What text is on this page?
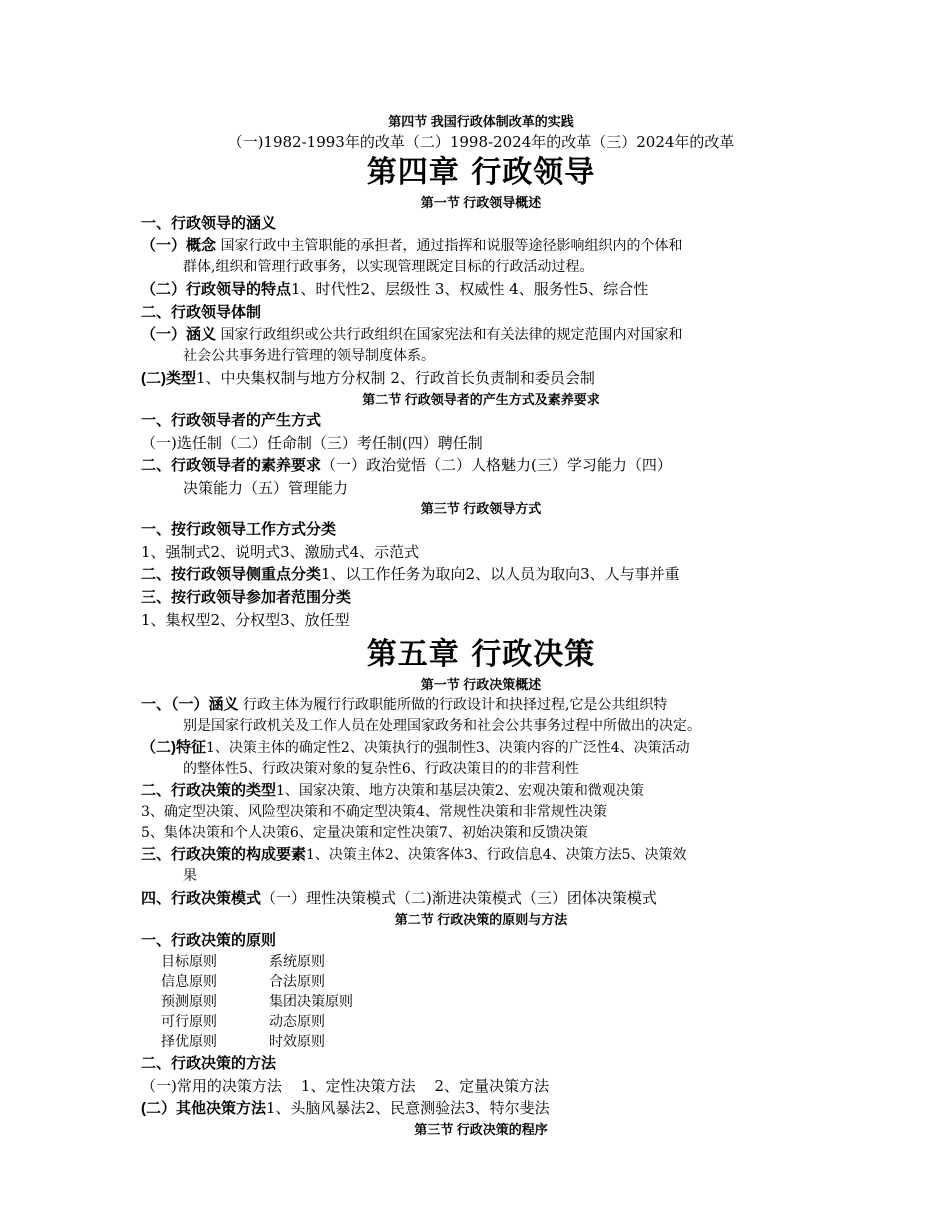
第四节 我国行政体制改革的实践
（一)1982-1993年的改革（二）1998-2024年的改革（三）2024年的改革
第四章 行政领导
第一节 行政领导概述
一、行政领导的涵义
（一）概念 国家行政中主管职能的承担者，通过指挥和说服等途径影响组织内的个体和
群体,组织和管理行政事务，以实现管理既定目标的行政活动过程。
（二）行政领导的特点1、时代性2、层级性 3、权威性 4、服务性5、综合性
二、行政领导体制
（一）涵义 国家行政组织或公共行政组织在国家宪法和有关法律的规定范围内对国家和
社会公共事务进行管理的领导制度体系。
(二)类型1、中央集权制与地方分权制 2、行政首长负责制和委员会制
第二节 行政领导者的产生方式及素养要求
一、行政领导者的产生方式
（一)选任制（二）任命制（三）考任制(四）聘任制
二、行政领导者的素养要求（一）政治觉悟（二）人格魅力(三）学习能力（四）
决策能力（五）管理能力
第三节 行政领导方式
一、按行政领导工作方式分类
1、强制式2、说明式3、激励式4、示范式
二、按行政领导侧重点分类1、以工作任务为取向2、以人员为取向3、人与事并重
三、按行政领导参加者范围分类
1、集权型2、分权型3、放任型
第五章 行政决策
第一节 行政决策概述
一、（一）涵义 行政主体为履行行政职能所做的行政设计和抉择过程,它是公共组织特
别是国家行政机关及工作人员在处理国家政务和社会公共事务过程中所做出的决定。
（二)特征1、决策主体的确定性2、决策执行的强制性3、决策内容的广泛性4、决策活动
的整体性5、行政决策对象的复杂性6、行政决策目的的非营利性
二、行政决策的类型1、国家决策、地方决策和基层决策2、宏观决策和微观决策
3、确定型决策、风险型决策和不确定型决策4、常规性决策和非常规性决策
5、集体决策和个人决策6、定量决策和定性决策7、初始决策和反馈决策
三、行政决策的构成要素1、决策主体2、决策客体3、行政信息4、决策方法5、决策效
果
四、行政决策模式（一）理性决策模式（二)渐进决策模式（三）团体决策模式
第二节 行政决策的原则与方法
一、行政决策的原则
目标原则	系统原则
信息原则	合法原则
预测原则	集团决策原则
可行原则	动态原则
择优原则	时效原则
二、行政决策的方法
（一)常用的决策方法    1、定性决策方法    2、定量决策方法
(二）其他决策方法1、头脑风暴法2、民意测验法3、特尔斐法
第三节 行政决策的程序
